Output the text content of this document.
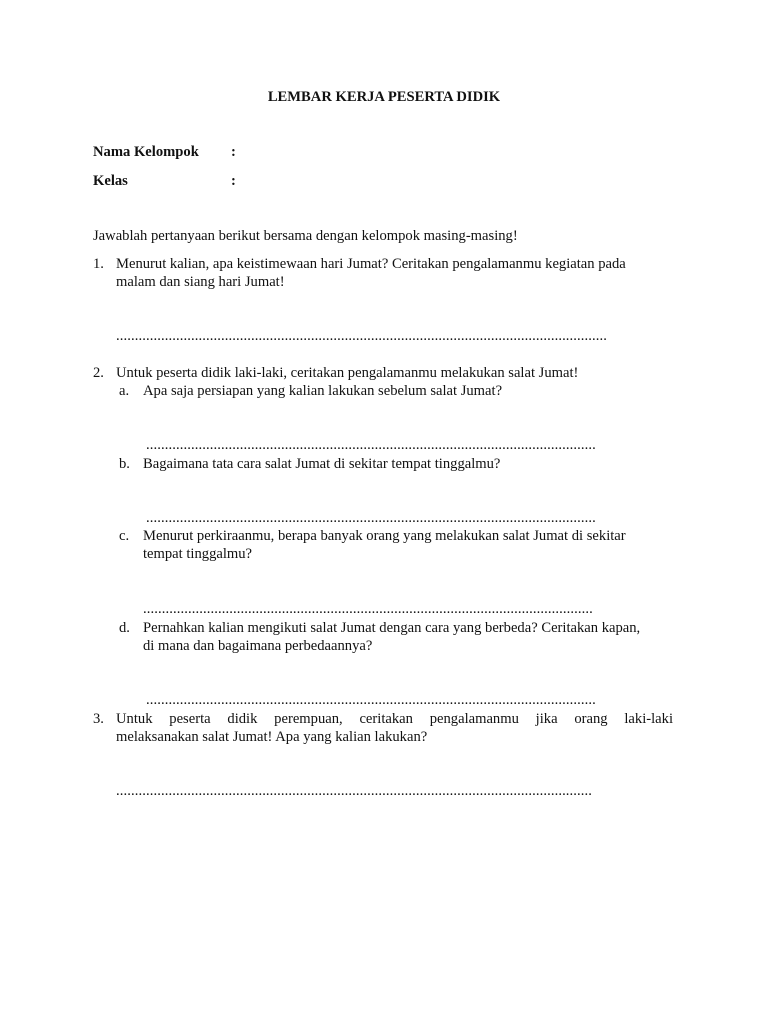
LEMBAR KERJA PESERTA DIDIK
Nama Kelompok :
Kelas	:
Jawablah pertanyaan berikut bersama dengan kelompok masing-masing!
1. Menurut kalian, apa keistimewaan hari Jumat? Ceritakan pengalamanmu kegiatan pada
malam dan siang hari Jumat!
...................................................................................................................................
2. Untuk peserta didik laki-laki, ceritakan pengalamanmu melakukan salat Jumat!
a. Apa saja persiapan yang kalian lakukan sebelum salat Jumat?
........................................................................................................................
b. Bagaimana tata cara salat Jumat di sekitar tempat tinggalmu?
........................................................................................................................
c. Menurut perkiraanmu, berapa banyak orang yang melakukan salat Jumat di sekitar
tempat tinggalmu?
........................................................................................................................
d. Pernahkan kalian mengikuti salat Jumat dengan cara yang berbeda? Ceritakan kapan,
di mana dan bagaimana perbedaannya?
........................................................................................................................
3. Untuk peserta didik perempuan, ceritakan pengalamanmu jika orang laki-laki
melaksanakan salat Jumat! Apa yang kalian lakukan?
...............................................................................................................................
